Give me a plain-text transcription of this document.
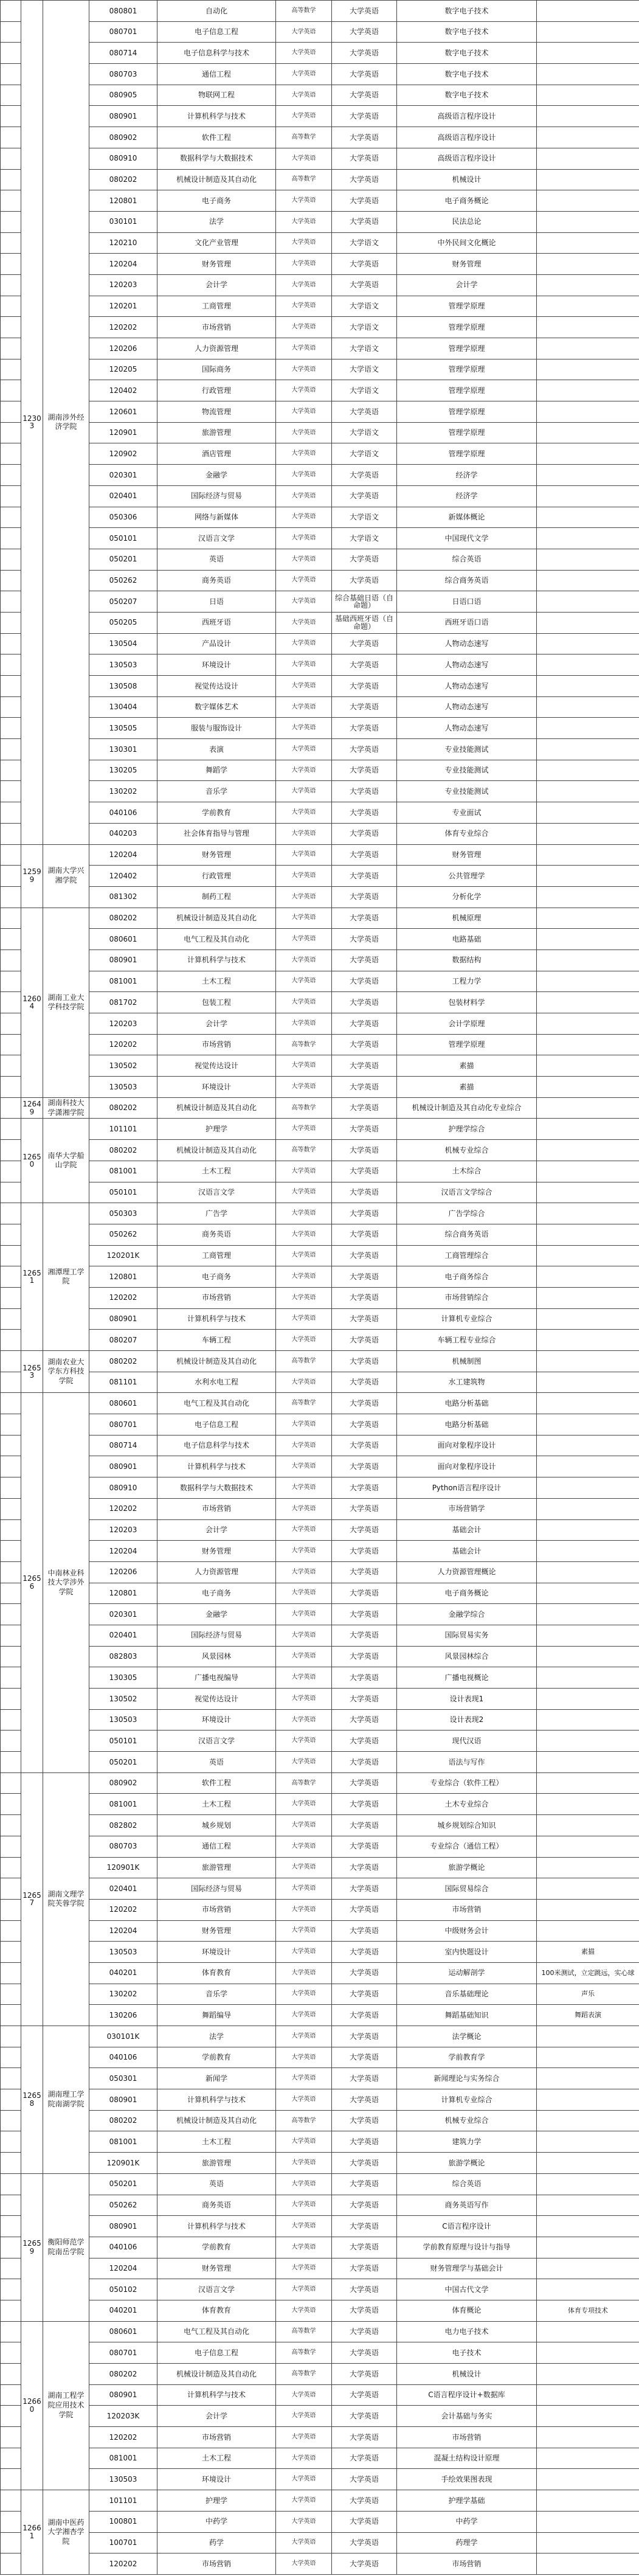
	12303	湖南涉外经济学院	080801	自动化	高等数学	大学英语	数字电子技术	
			080701	电子信息工程	大学英语	大学英语	数字电子技术	
			080714	电子信息科学与技术	大学英语	大学英语	数字电子技术	
			080703	通信工程	大学英语	大学英语	数字电子技术	
			080905	物联网工程	大学英语	大学英语	数字电子技术	
			080901	计算机科学与技术	大学英语	大学英语	高级语言程序设计	
			080902	软件工程	高等数学	大学英语	高级语言程序设计	
			080910	数据科学与大数据技术	大学英语	大学英语	高级语言程序设计	
			080202	机械设计制造及其自动化	高等数学	大学英语	机械设计	
			120801	电子商务	大学英语	大学英语	电子商务概论	
			030101	法学	大学英语	大学英语	民法总论	
			120210	文化产业管理	大学英语	大学语文	中外民间文化概论	
			120204	财务管理	大学英语	大学英语	财务管理	
			120203	会计学	大学英语	大学英语	会计学	
			120201	工商管理	大学英语	大学语文	管理学原理	
			120202	市场营销	大学英语	大学语文	管理学原理	
			120206	人力资源管理	大学英语	大学语文	管理学原理	
			120205	国际商务	大学英语	大学语文	管理学原理	
			120402	行政管理	大学英语	大学语文	管理学原理	
			120601	物流管理	大学英语	大学英语	管理学原理	
			120901	旅游管理	大学英语	大学语文	管理学原理	
			120902	酒店管理	大学英语	大学语文	管理学原理	
			020301	金融学	大学英语	大学英语	经济学	
			020401	国际经济与贸易	大学英语	大学英语	经济学	
			050306	网络与新媒体	大学英语	大学语文	新媒体概论	
			050101	汉语言文学	大学英语	大学语文	中国现代文学	
			050201	英语	大学英语	大学英语	综合英语	
			050262	商务英语	大学英语	大学英语	综合商务英语	
			050207	日语	大学英语	综合基础日语（自命题）	日语口语	
			050205	西班牙语	大学英语	基础西班牙语（自命题）	西班牙语口语	
			130504	产品设计	大学英语	大学英语	人物动态速写	
			130503	环境设计	大学英语	大学英语	人物动态速写	
			130508	视觉传达设计	大学英语	大学英语	人物动态速写	
			130404	数字媒体艺术	大学英语	大学英语	人物动态速写	
			130505	服装与服饰设计	大学英语	大学英语	人物动态速写	
			130301	表演	大学英语	大学英语	专业技能测试	
			130205	舞蹈学	大学英语	大学英语	专业技能测试	
			130202	音乐学	大学英语	大学英语	专业技能测试	
			040106	学前教育	大学英语	大学英语	专业面试	
			040203	社会体育指导与管理	大学英语	大学英语	体育专业综合	
	12599	湖南大学兴湘学院	120204	财务管理	大学英语	大学英语	财务管理	
			120402	行政管理	大学英语	大学英语	公共管理学	
			081302	制药工程	大学英语	大学英语	分析化学	
	12604	湖南工业大学科技学院	080202	机械设计制造及其自动化	大学英语	大学英语	机械原理	
			080601	电气工程及其自动化	大学英语	大学英语	电路基础	
			080901	计算机科学与技术	大学英语	大学英语	数据结构	
			081001	土木工程	大学英语	大学英语	工程力学	
			081702	包装工程	大学英语	大学英语	包装材料学	
			120203	会计学	大学英语	大学英语	会计学原理	
			120202	市场营销	高等数学	大学英语	管理学原理	
			130502	视觉传达设计	大学英语	大学英语	素描	
			130503	环境设计	大学英语	大学英语	素描	
	12649	湖南科技大学潇湘学院	080202	机械设计制造及其自动化	高等数学	大学英语	机械设计制造及其自动化专业综合	
	12650	南华大学船山学院	101101	护理学	大学英语	大学英语	护理学综合	
			080202	机械设计制造及其自动化	高等数学	大学英语	机械专业综合	
			081001	土木工程	大学英语	大学英语	土木综合	
			050101	汉语言文学	大学英语	大学英语	汉语言文学综合	
	12651	湘潭理工学院	050303	广告学	大学英语	大学英语	广告学综合	
			050262	商务英语	大学英语	大学英语	综合商务英语	
			120201K	工商管理	大学英语	大学英语	工商管理综合	
			120801	电子商务	大学英语	大学英语	电子商务综合	
			120202	市场营销	大学英语	大学英语	市场营销综合	
			080901	计算机科学与技术	大学英语	大学英语	计算机专业综合	
			080207	车辆工程	大学英语	大学英语	车辆工程专业综合	
	12653	湖南农业大学东方科技学院	080202	机械设计制造及其自动化	高等数学	大学英语	机械制图	
			081101	水利水电工程	大学英语	大学英语	水工建筑物	
	12656	中南林业科技大学涉外学院	080601	电气工程及其自动化	高等数学	大学英语	电路分析基础	
			080701	电子信息工程	大学英语	大学英语	电路分析基础	
			080714	电子信息科学与技术	大学英语	大学英语	面向对象程序设计	
			080901	计算机科学与技术	大学英语	大学英语	面向对象程序设计	
			080910	数据科学与大数据技术	大学英语	大学英语	Python语言程序设计	
			120202	市场营销	大学英语	大学英语	市场营销学	
			120203	会计学	大学英语	大学英语	基础会计	
			120204	财务管理	大学英语	大学英语	基础会计	
			120206	人力资源管理	大学英语	大学英语	人力资源管理概论	
			120801	电子商务	大学英语	大学英语	电子商务概论	
			020301	金融学	大学英语	大学英语	金融学综合	
			020401	国际经济与贸易	大学英语	大学英语	国际贸易实务	
			082803	风景园林	大学英语	大学英语	风景园林综合	
			130305	广播电视编导	大学英语	大学英语	广播电视概论	
			130502	视觉传达设计	大学英语	大学英语	设计表现1	
			130503	环境设计	大学英语	大学英语	设计表现2	
			050101	汉语言文学	大学英语	大学英语	现代汉语	
			050201	英语	大学英语	大学英语	语法与写作	
	12657	湖南文理学院芙蓉学院	080902	软件工程	高等数学	大学英语	专业综合（软件工程）	
			081001	土木工程	大学英语	大学英语	土木专业综合	
			082802	城乡规划	大学英语	大学英语	城乡规划综合知识	
			080703	通信工程	大学英语	大学英语	专业综合（通信工程）	
			120901K	旅游管理	大学英语	大学英语	旅游学概论	
			020401	国际经济与贸易	大学英语	大学英语	国际贸易综合	
			120202	市场营销	大学英语	大学英语	市场营销	
			120204	财务管理	大学英语	大学英语	中级财务会计	
			130503	环境设计	大学英语	大学英语	室内快题设计	素描
			040201	体育教育	大学英语	大学英语	运动解剖学	100米测试，立定跳远，实心球
			130202	音乐学	大学英语	大学英语	音乐基础理论	声乐
			130206	舞蹈编导	大学英语	大学英语	舞蹈基础知识	舞蹈表演
	12658	湖南理工学院南湖学院	030101K	法学	大学英语	大学英语	法学概论	
			040106	学前教育	大学英语	大学英语	学前教育学	
			050301	新闻学	大学英语	大学英语	新闻理论与实务综合	
			080901	计算机科学与技术	大学英语	大学英语	计算机专业综合	
			080202	机械设计制造及其自动化	高等数学	大学英语	机械专业综合	
			081001	土木工程	大学英语	大学英语	建筑力学	
			120901K	旅游管理	大学英语	大学英语	旅游学概论	
	12659	衡阳师范学院南岳学院	050201	英语	大学英语	大学英语	综合英语	
			050262	商务英语	大学英语	大学英语	商务英语写作	
			080901	计算机科学与技术	大学英语	大学英语	C语言程序设计	
			040106	学前教育	大学英语	大学英语	学前教育原理与设计与指导	
			120204	财务管理	大学英语	大学英语	财务管理学与基础会计	
			050102	汉语言文学	大学英语	大学英语	中国古代文学	
			040201	体育教育	大学英语	大学英语	体育概论	体育专项技术
	12660	湖南工程学院应用技术学院	080601	电气工程及其自动化	高等数学	大学英语	电力电子技术	
			080701	电子信息工程	高等数学	大学英语	电子技术	
			080202	机械设计制造及其自动化	高等数学	大学英语	机械设计	
			080901	计算机科学与技术	大学英语	大学英语	C语言程序设计+数据库	
			120203K	会计学	大学英语	大学英语	会计基础与务实	
			120202	市场营销	大学英语	大学英语	市场营销	
			081001	土木工程	大学英语	大学英语	混凝土结构设计原理	
			130503	环境设计	大学英语	大学英语	手绘效果图表现	
	12661	湖南中医药大学湘杏学院	101101	护理学	大学英语	大学英语	护理学基础	
			100801	中药学	大学英语	大学英语	中药学	
			100701	药学	大学英语	大学英语	药理学	
			120202	市场营销	大学英语	大学英语	市场营销	
